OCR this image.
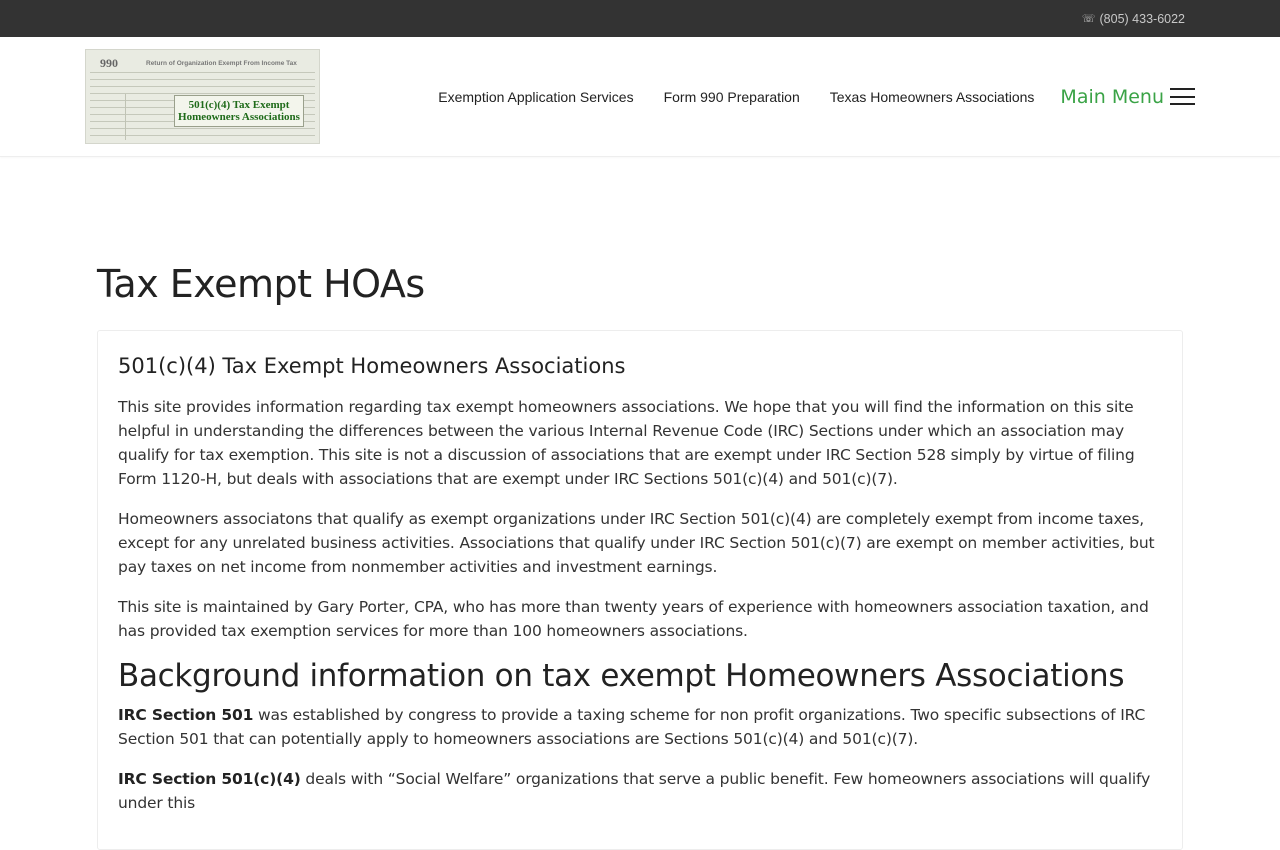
☏ (805) 433-6022
990	Return of Organization Exempt From Income Tax
501(c)(4) Tax Exempt
Homeowners Associations
Exemption Application Services Form 990 Preparation Texas Homeowners Associations Main Menu
Tax Exempt HOAs
501(c)(4) Tax Exempt Homeowners Associations

This site provides information regarding tax exempt homeowners associations. We hope that you will find the information on this site helpful in understanding the differences between the various Internal Revenue Code (IRC) Sections under which an association may qualify for tax exemption. This site is not a discussion of associations that are exempt under IRC Section 528 simply by virtue of filing Form 1120-H, but deals with associations that are exempt under IRC Sections 501(c)(4) and 501(c)(7).

Homeowners associatons that qualify as exempt organizations under IRC Section 501(c)(4) are completely exempt from income taxes, except for any unrelated business activities. Associations that qualify under IRC Section 501(c)(7) are exempt on member activities, but pay taxes on net income from nonmember activities and investment earnings.

This site is maintained by Gary Porter, CPA, who has more than twenty years of experience with homeowners association taxation, and has provided tax exemption services for more than 100 homeowners associations.

Background information on tax exempt Homeowners Associations

IRC Section 501 was established by congress to provide a taxing scheme for non profit organizations. Two specific subsections of IRC Section 501 that can potentially apply to homeowners associations are Sections 501(c)(4) and 501(c)(7).

IRC Section 501(c)(4) deals with “Social Welfare” organizations that serve a public benefit. Few homeowners associations will qualify under this
